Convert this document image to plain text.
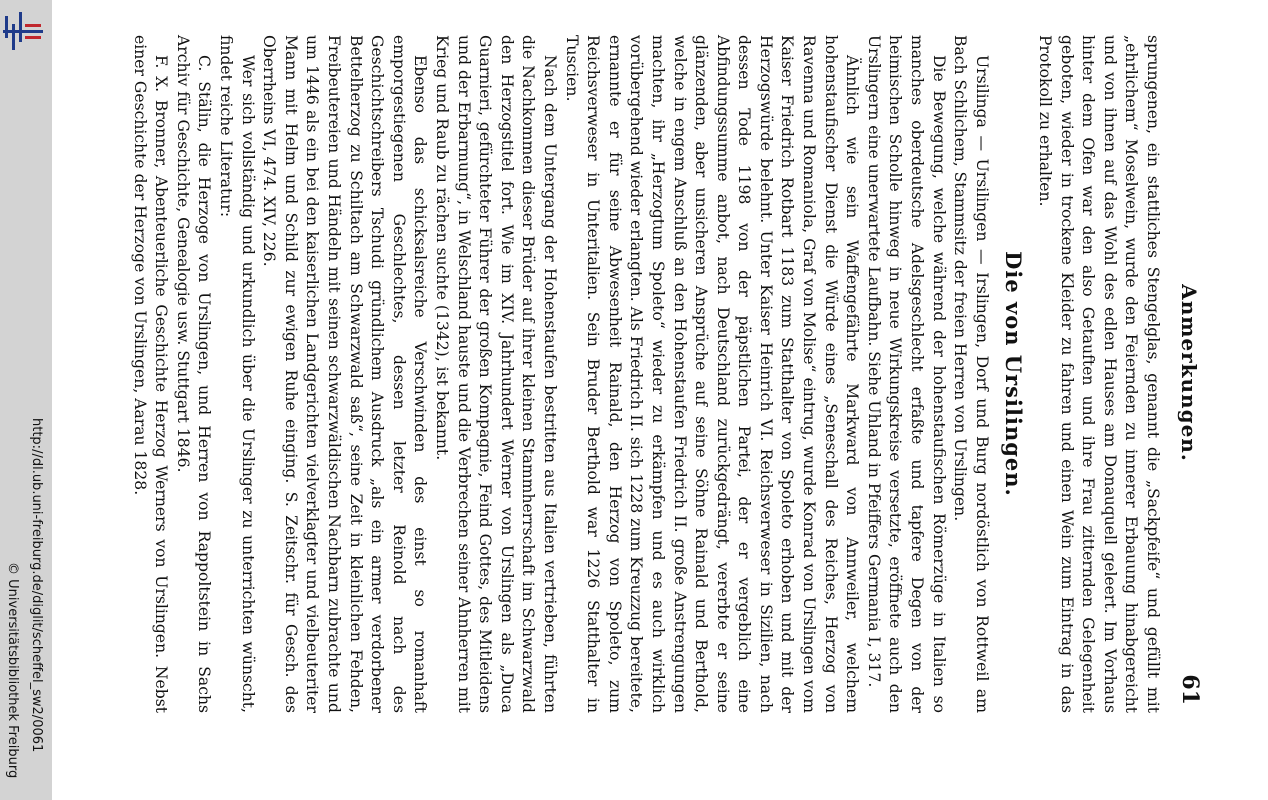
http://dl.ub.uni-freiburg.de/diglit/scheffel_sw2/0061
© Universitätsbibliothek Freiburg
Anmerkungen.
61

sprungenen, ein stattliches Stengelglas, genannt die „Sackpfeife“ und gefüllt mit „ehrlichem“ Moselwein, wurde den Feiernden zu innerer Erbauung hinabgereicht und von ihnen auf das Wohl des edlen Hauses am Donauquell geleert. Im Vorhaus hinter dem Ofen war den also Getauften und ihre Frau zitternden Gelegenheit geboten, wieder in trockene Kleider zu fahren und einen Wein zum Eintrag in das Protokoll zu erhalten.

Die von Ursilingen.

Ursilinga — Ursilingen — Irslingen, Dorf und Burg nordöstlich von Rottweil am Bach Schlichem, Stammsitz der freien Herren von Urslingen.

Die Bewegung, welche während der hohenstaufischen Römerzüge in Italien so manches oberdeutsche Adelsgeschlecht erfaßte und tapfere Degen von der heimischen Scholle hinweg in neue Wirkungskreise versetzte, eröffnete auch den Urslingern eine unerwartete Laufbahn. Siehe Uhland in Pfeiffers Germania I, 317.

Ähnlich wie sein Waffengefährte Markward von Annweiler, welchem hohenstaufischer Dienst die Würde eines „Seneschall des Reiches, Herzog von Ravenna und Romaniola, Graf von Molise“ eintrug, wurde Konrad von Urslingen vom Kaiser Friedrich Rotbart 1183 zum Statthalter von Spoleto erhoben und mit der Herzogswürde belehnt. Unter Kaiser Heinrich VI. Reichsverweser in Sizilien, nach dessen Tode 1198 von der päpstlichen Partei, der er vergeblich eine Abfindungssumme anbot, nach Deutschland zurückgedrängt, vererbte er seine glänzenden, aber unsicheren Ansprüche auf seine Söhne Rainald und Berthold, welche in engem Anschluß an den Hohenstaufen Friedrich II. große Anstrengungen machten, ihr „Herzogtum Spoleto“ wieder zu erkämpfen und es auch wirklich vorübergehend wieder erlangten. Als Friedrich II. sich 1228 zum Kreuzzug bereitete, ernannte er für seine Abwesenheit Rainald, den Herzog von Spoleto, zum Reichsverweser in Unteritalien. Sein Bruder Berthold war 1226 Statthalter in Tuscien.

Nach dem Untergang der Hohenstaufen bestritten aus Italien vertrieben, führten die Nachkommen dieser Brüder auf ihrer kleinen Stammherrschaft im Schwarzwald den Herzogstitel fort. Wie im XIV. Jahrhundert Werner von Urslingen als „Duca Guarnieri, gefürchteter Führer der großen Kompagnie, Feind Gottes, des Mitleidens und der Erbarmung“, in Welschland hauste und die Verbrechen seiner Ahnherren mit Krieg und Raub zu rächen suchte (1342), ist bekannt.

Ebenso das schicksalsreiche Verschwinden des einst so romanhaft emporgestiegenen Geschlechtes, dessen letzter Reinold nach des Geschichtschreibers Tschudi gründlichem Ausdruck „als ein armer verdorbener Bettelherzog zu Schiltach am Schwarzwald saß“, seine Zeit in kleinlichen Fehden, Freibeutereien und Händeln mit seinen schwarzwäldischen Nachbarn zubrachte und um 1446 als ein bei den kaiserlichen Landgerichten vielverklagter und vielbeuteriter Mann mit Helm und Schild zur ewigen Ruhe einging. S. Zeitschr. für Gesch. des Oberrheins VI, 474. XIV, 226.

Wer sich vollständig und urkundlich über die Urslinger zu unterrichten wünscht, findet reiche Literatur:

C. Stälin, die Herzoge von Urslingen, und Herren von Rappoltstein in Sachs Archiv für Geschichte, Genealogie usw. Stuttgart 1846.

F. X. Bronner, Abenteuerliche Geschichte Herzog Werners von Urslingen. Nebst einer Geschichte der Herzoge von Urslingen, Aarau 1828.
